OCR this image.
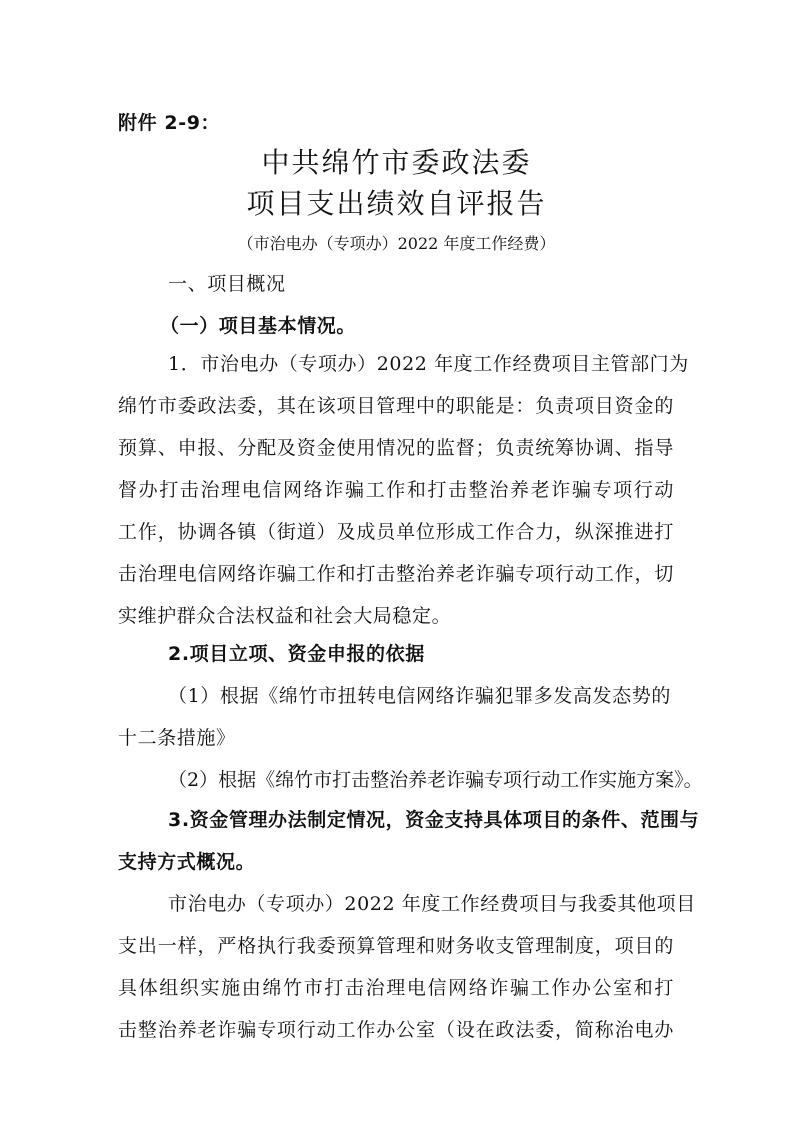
附件 2-9：
中共绵竹市委政法委
项目支出绩效自评报告
（市治电办（专项办）2022 年度工作经费）
一、项目概况
（一）项目基本情况。
1．市治电办（专项办）2022 年度工作经费项目主管部门为
绵竹市委政法委，其在该项目管理中的职能是：负责项目资金的
预算、申报、分配及资金使用情况的监督；负责统筹协调、指导
督办打击治理电信网络诈骗工作和打击整治养老诈骗专项行动
工作，协调各镇（街道）及成员单位形成工作合力，纵深推进打
击治理电信网络诈骗工作和打击整治养老诈骗专项行动工作，切
实维护群众合法权益和社会大局稳定。
2.项目立项、资金申报的依据
（1）根据《绵竹市扭转电信网络诈骗犯罪多发高发态势的
十二条措施》
（2）根据《绵竹市打击整治养老诈骗专项行动工作实施方案》。
3.资金管理办法制定情况，资金支持具体项目的条件、范围与
支持方式概况。
市治电办（专项办）2022 年度工作经费项目与我委其他项目
支出一样，严格执行我委预算管理和财务收支管理制度，项目的
具体组织实施由绵竹市打击治理电信网络诈骗工作办公室和打
击整治养老诈骗专项行动工作办公室（设在政法委，简称治电办
